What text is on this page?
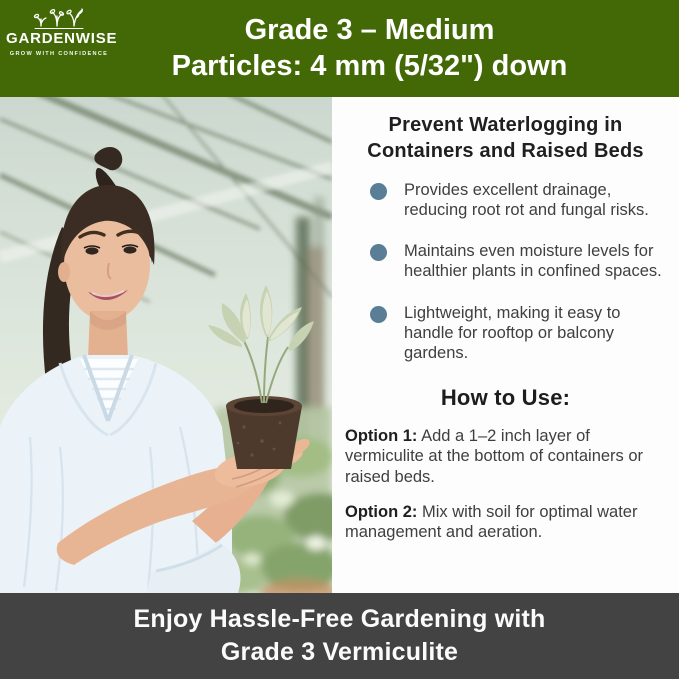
GARDENWISE
GROW WITH CONFIDENCE
Grade 3 – Medium
Particles: 4 mm (5/32") down
Prevent Waterlogging in
Containers and Raised Beds
Provides excellent drainage, reducing root rot and fungal risks.
Maintains even moisture levels for healthier plants in confined spaces.
Lightweight, making it easy to handle for rooftop or balcony gardens.
How to Use:

Option 1: Add a 1–2 inch layer of vermiculite at the bottom of containers or raised beds.

Option 2: Mix with soil for optimal water management and aeration.

Enjoy Hassle-Free Gardening with
Grade 3 Vermiculite
